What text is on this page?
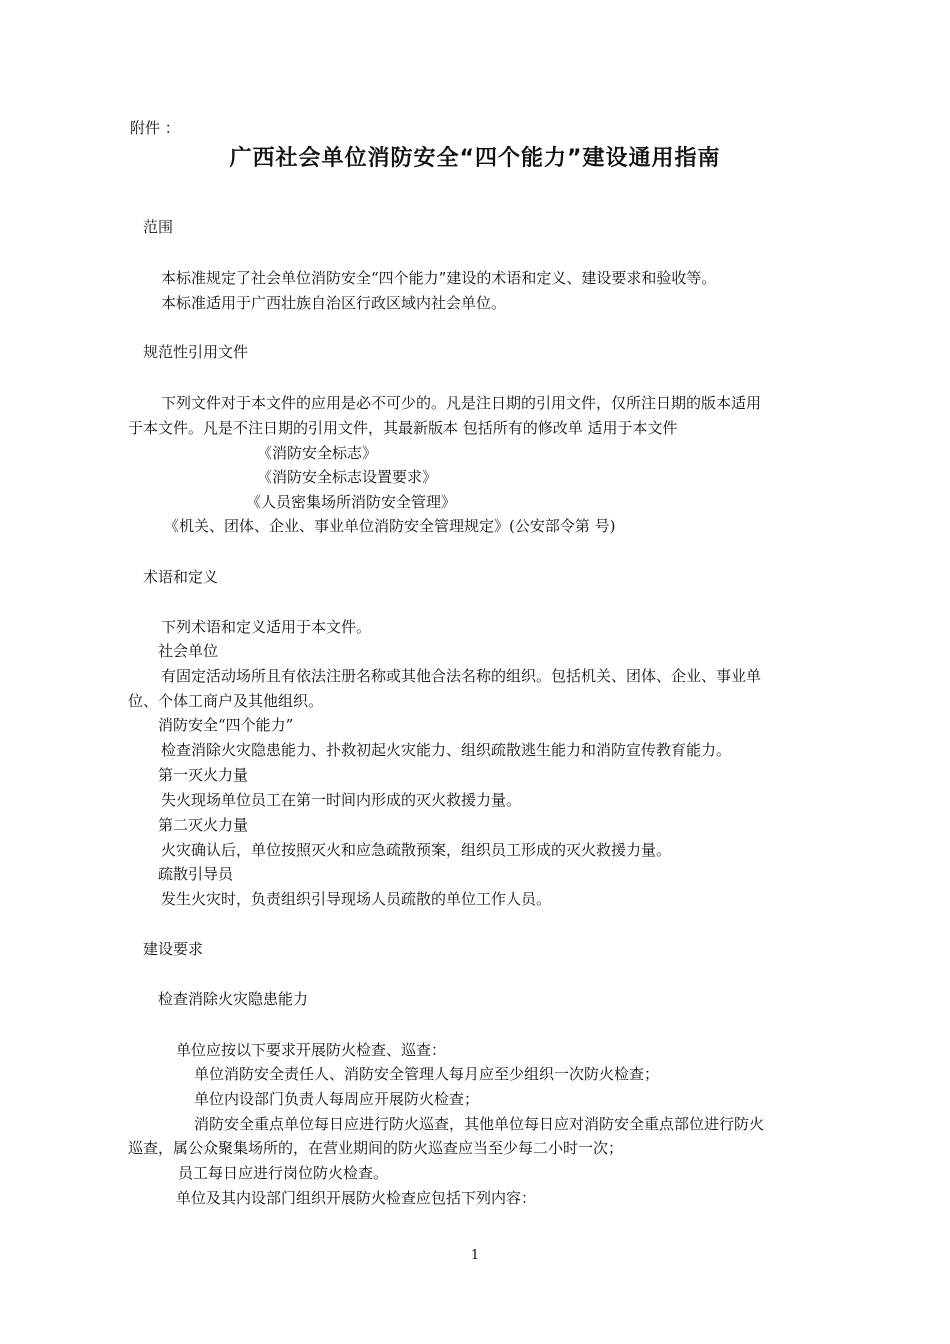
附件 ：
广西社会单位消防安全“四个能力”建设通用指南
范围
本标准规定了社会单位消防安全“四个能力”建设的术语和定义、建设要求和验收等。
本标准适用于广西壮族自治区行政区域内社会单位。
规范性引用文件
下列文件对于本文件的应用是必不可少的。凡是注日期的引用文件，仅所注日期的版本适用
于本文件。凡是不注日期的引用文件，其最新版本 包括所有的修改单 适用于本文件
《消防安全标志》
《消防安全标志设置要求》
《人员密集场所消防安全管理》
《机关、团体、企业、事业单位消防安全管理规定》(公安部令第 号)
术语和定义
下列术语和定义适用于本文件。
社会单位
有固定活动场所且有依法注册名称或其他合法名称的组织。包括机关、团体、企业、事业单
位、个体工商户及其他组织。
消防安全“四个能力”
检查消除火灾隐患能力、扑救初起火灾能力、组织疏散逃生能力和消防宣传教育能力。
第一灭火力量
失火现场单位员工在第一时间内形成的灭火救援力量。
第二灭火力量
火灾确认后，单位按照灭火和应急疏散预案，组织员工形成的灭火救援力量。
疏散引导员
发生火灾时，负责组织引导现场人员疏散的单位工作人员。
建设要求
检查消除火灾隐患能力
单位应按以下要求开展防火检查、巡查：
单位消防安全责任人、消防安全管理人每月应至少组织一次防火检查；
单位内设部门负责人每周应开展防火检查；
消防安全重点单位每日应进行防火巡查，其他单位每日应对消防安全重点部位进行防火
巡查，属公众聚集场所的，在营业期间的防火巡查应当至少每二小时一次；
员工每日应进行岗位防火检查。
单位及其内设部门组织开展防火检查应包括下列内容：
1
